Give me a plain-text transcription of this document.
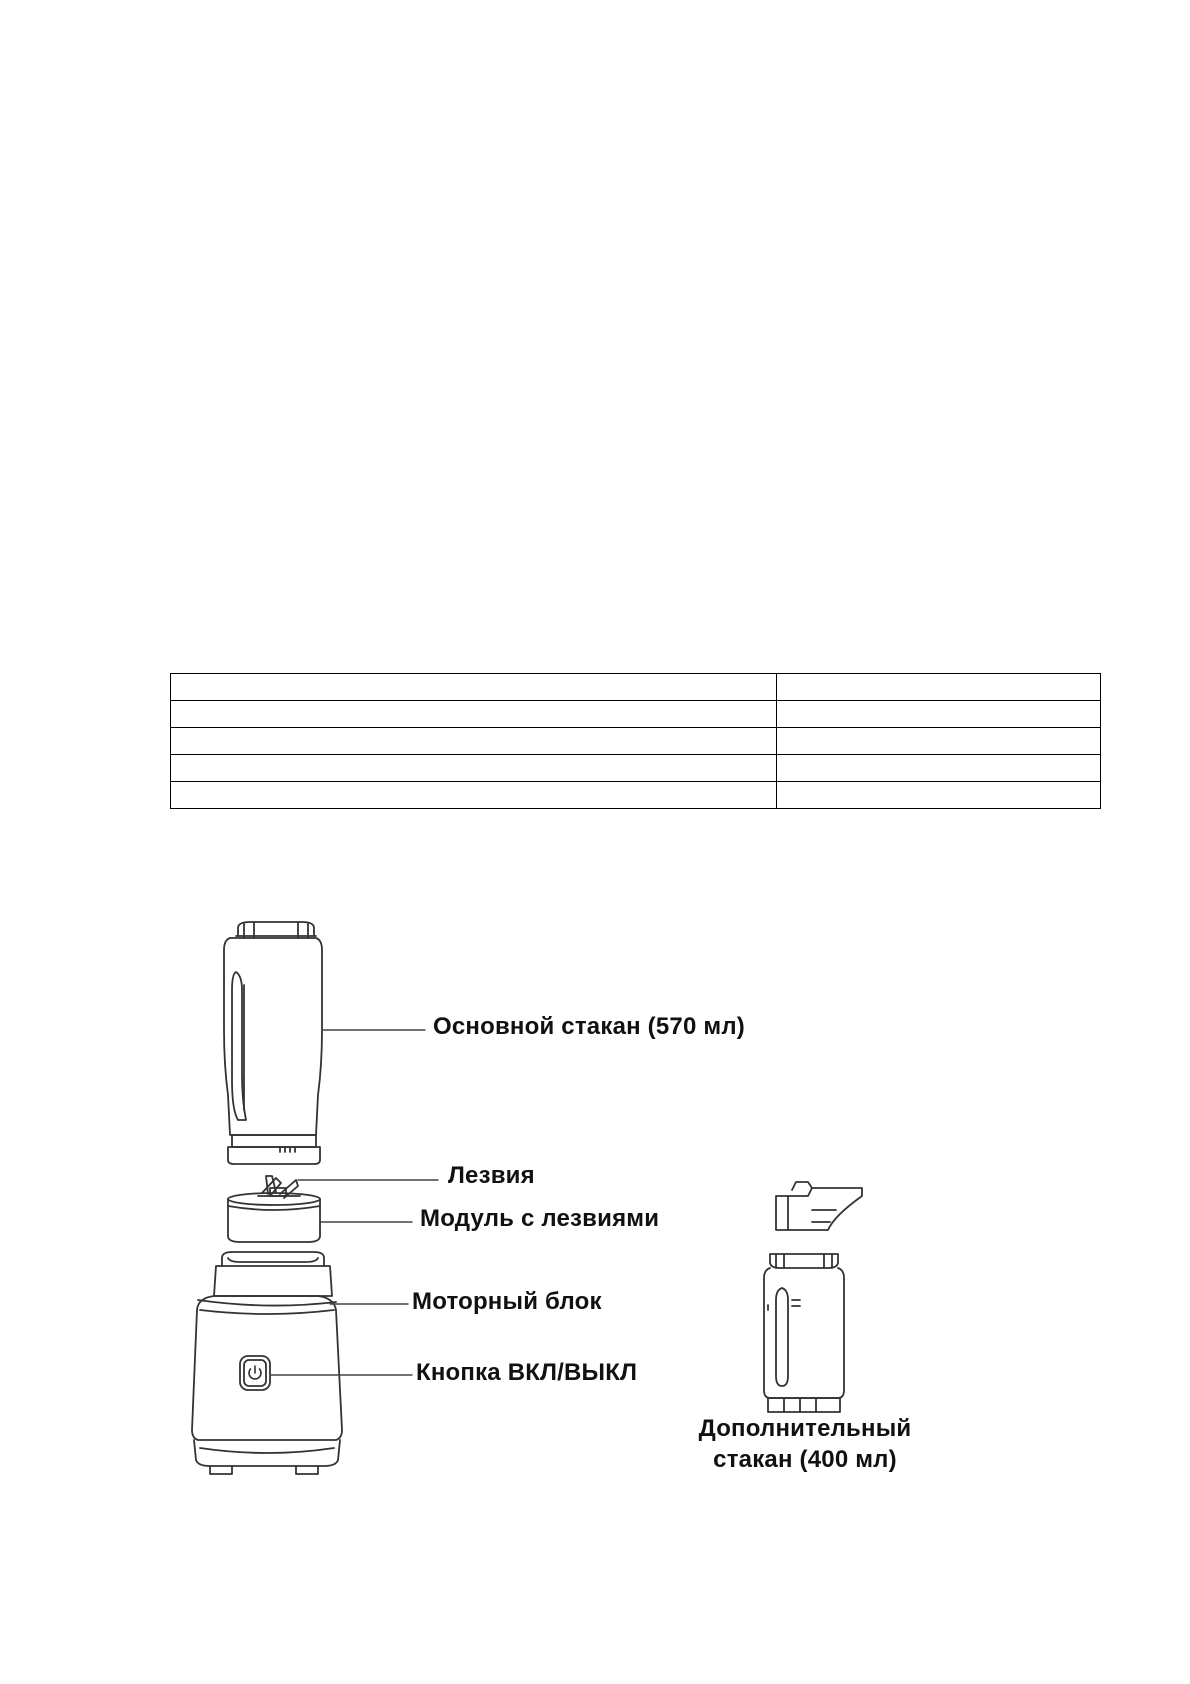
Основной стакан (570 мл)
Лезвия
Модуль с лезвиями
Моторный блок
Кнопка ВКЛ/ВЫКЛ
Дополнительный
стакан (400 мл)
